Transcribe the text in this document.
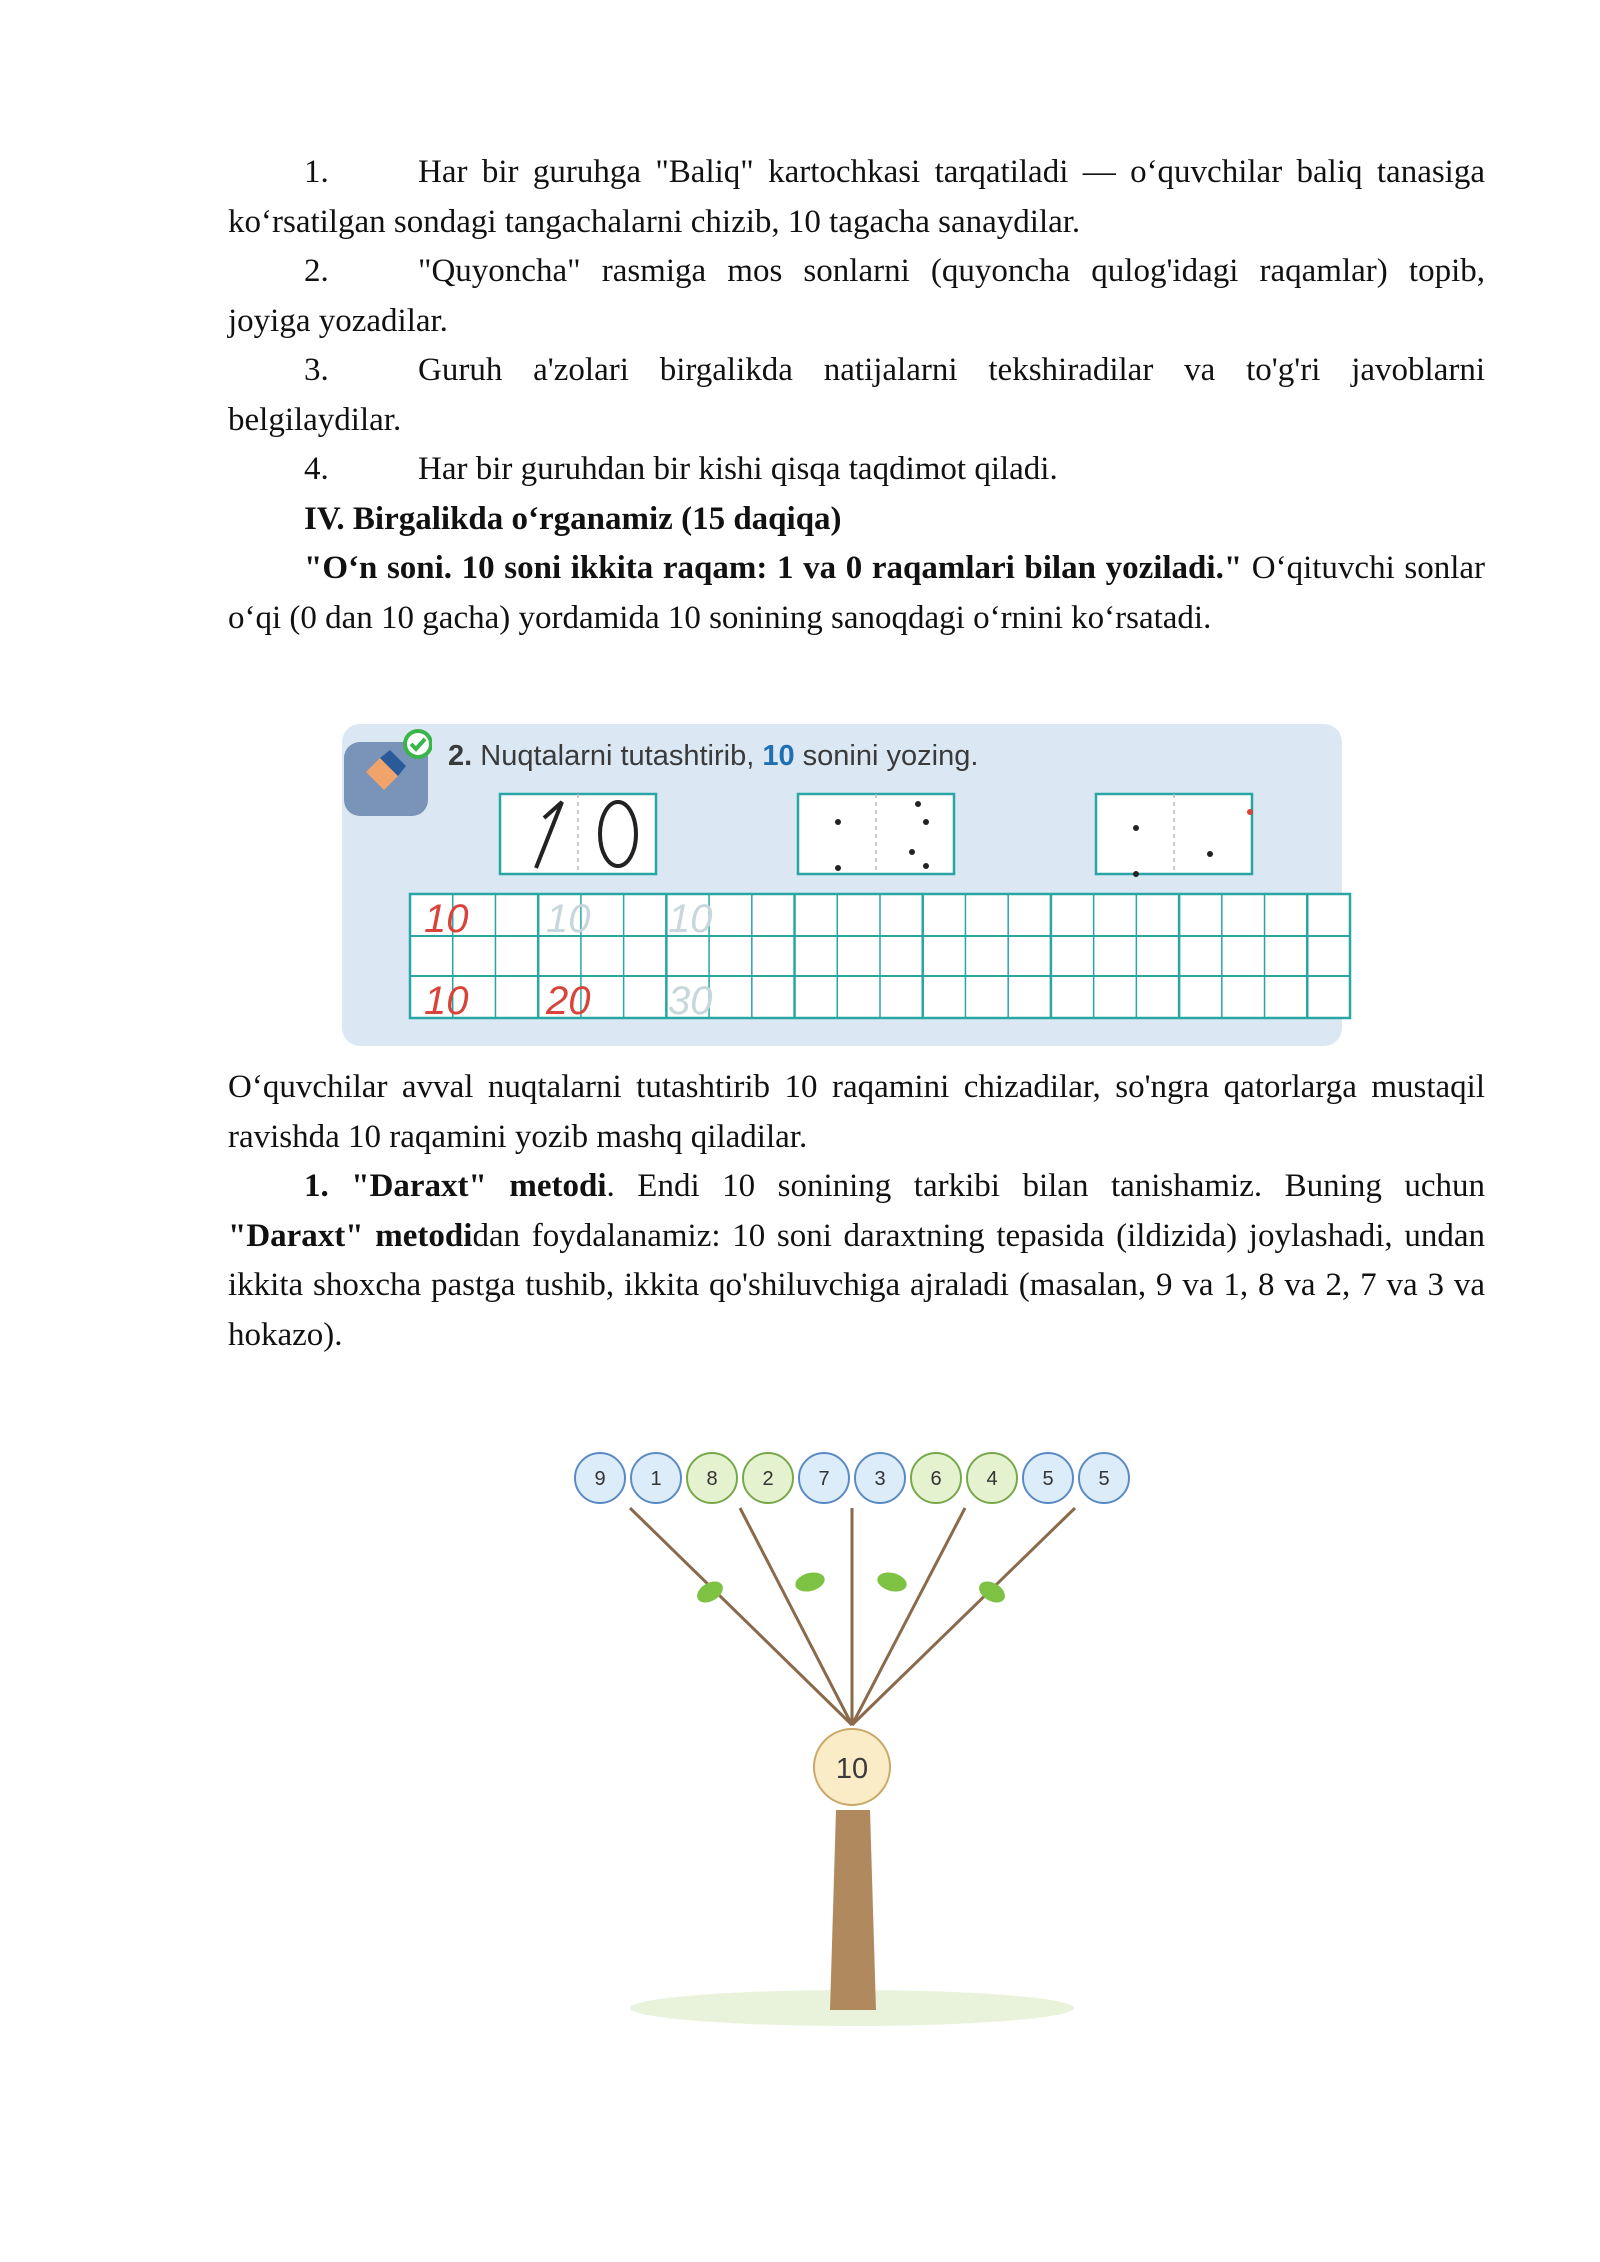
1.	Har bir guruhga "Baliq" kartochkasi tarqatiladi — o‘quvchilar baliq tanasiga ko‘rsatilgan sondagi tangachalarni chizib, 10 tagacha sanaydilar.

2.	"Quyoncha" rasmiga mos sonlarni (quyoncha qulog'idagi raqamlar) topib, joyiga yozadilar.

3.	Guruh a'zolari birgalikda natijalarni tekshiradilar va to'g'ri javoblarni belgilaydilar.

4.	Har bir guruhdan bir kishi qisqa taqdimot qiladi.

IV. Birgalikda o‘rganamiz (15 daqiqa)

"O‘n soni. 10 soni ikkita raqam: 1 va 0 raqamlari bilan yoziladi." O‘qituvchi sonlar o‘qi (0 dan 10 gacha) yordamida 10 sonining sanoqdagi o‘rnini ko‘rsatadi.

2. Nuqtalarni tutashtirib, 10 sonini yozing.
10 10 10
10 20 30

O‘quvchilar avval nuqtalarni tutashtirib 10 raqamini chizadilar, so'ngra qatorlarga mustaqil ravishda 10 raqamini yozib mashq qiladilar.

1. "Daraxt" metodi. Endi 10 sonining tarkibi bilan tanishamiz. Buning uchun "Daraxt" metodidan foydalanamiz: 10 soni daraxtning tepasida (ildizida) joylashadi, undan ikkita shoxcha pastga tushib, ikkita qo'shiluvchiga ajraladi (masalan, 9 va 1, 8 va 2, 7 va 3 va hokazo).

9 1 8 2 7 3 6 4 5 5
10
